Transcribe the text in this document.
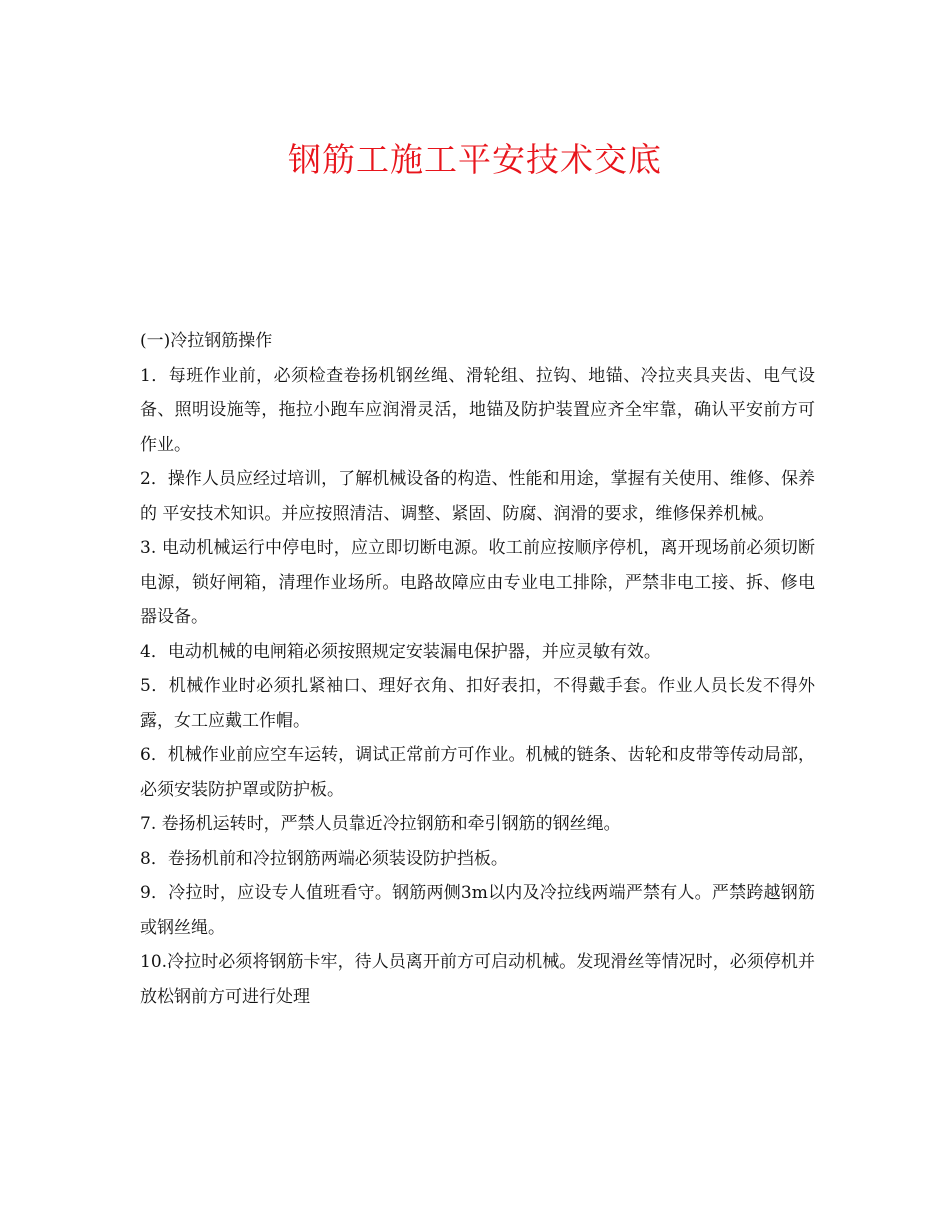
钢筋工施工平安技术交底

(一)冷拉钢筋操作

1．每班作业前，必须检查卷扬机钢丝绳、滑轮组、拉钩、地锚、冷拉夹具夹齿、电气设备、照明设施等，拖拉小跑车应润滑灵活，地锚及防护装置应齐全牢靠，确认平安前方可作业。

2．操作人员应经过培训，了解机械设备的构造、性能和用途，掌握有关使用、维修、保养的 平安技术知识。并应按照清洁、调整、紧固、防腐、润滑的要求，维修保养机械。

3. 电动机械运行中停电时，应立即切断电源。收工前应按顺序停机，离开现场前必须切断电源，锁好闸箱，清理作业场所。电路故障应由专业电工排除，严禁非电工接、拆、修电器设备。

4．电动机械的电闸箱必须按照规定安装漏电保护器，并应灵敏有效。

5．机械作业时必须扎紧袖口、理好衣角、扣好表扣，不得戴手套。作业人员长发不得外露，女工应戴工作帽。

6．机械作业前应空车运转，调试正常前方可作业。机械的链条、齿轮和皮带等传动局部，必须安装防护罩或防护板。

7. 卷扬机运转时，严禁人员靠近冷拉钢筋和牵引钢筋的钢丝绳。

8．卷扬机前和冷拉钢筋两端必须装设防护挡板。

9．冷拉时，应设专人值班看守。钢筋两侧3m以内及冷拉线两端严禁有人。严禁跨越钢筋或钢丝绳。

10.冷拉时必须将钢筋卡牢，待人员离开前方可启动机械。发现滑丝等情况时，必须停机并放松钢前方可进行处理
